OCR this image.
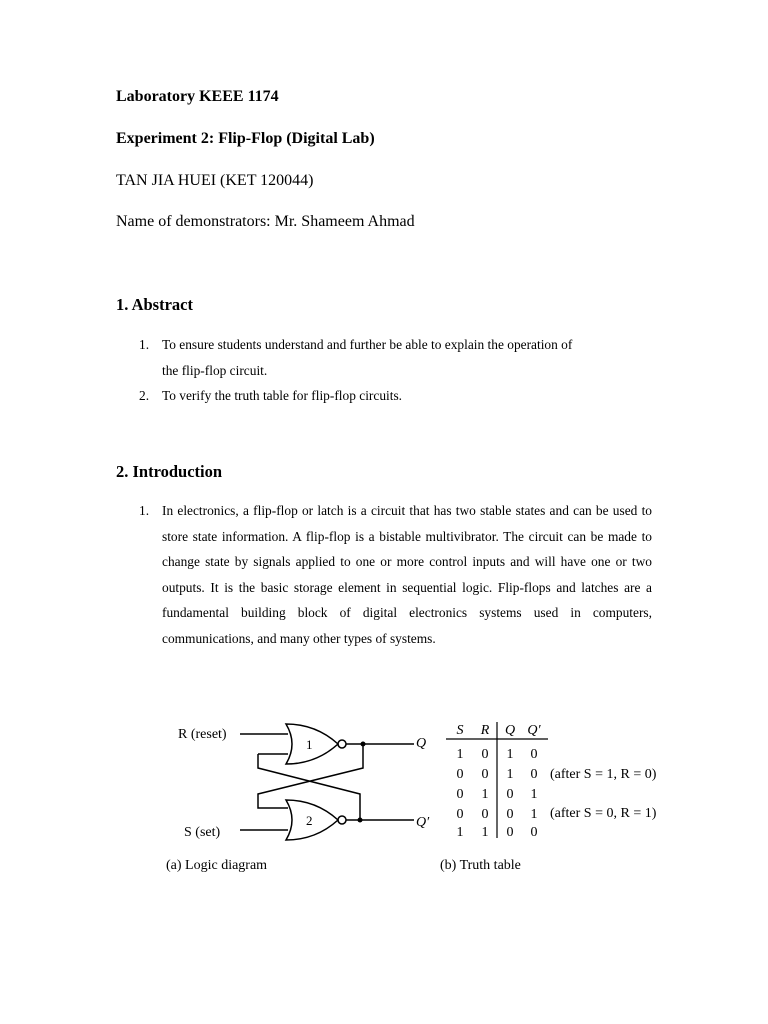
Laboratory KEEE 1174
Experiment 2: Flip-Flop (Digital Lab)
TAN JIA HUEI (KET 120044)
Name of demonstrators: Mr. Shameem Ahmad
1. Abstract
1. To ensure students understand and further be able to explain the operation of
the flip-flop circuit.
2. To verify the truth table for flip-flop circuits.
2. Introduction
1. In electronics, a flip-flop or latch is a circuit that has two stable states and can be used to store state information. A flip-flop is a bistable multivibrator. The circuit can be made to change state by signals applied to one or more control inputs and will have one or two outputs. It is the basic storage element in sequential logic. Flip-flops and latches are a fundamental building block of digital electronics systems used in computers, communications, and many other types of systems.
R (reset)
S (set)
1
2
Q
Q′
(a) Logic diagram
S R Q Q′
1 0 1 0
0 0 1 0
0 1 0 1
0 0 0 1
1 1 0 0
(after S = 1, R = 0)
(after S = 0, R = 1)
(b) Truth table
